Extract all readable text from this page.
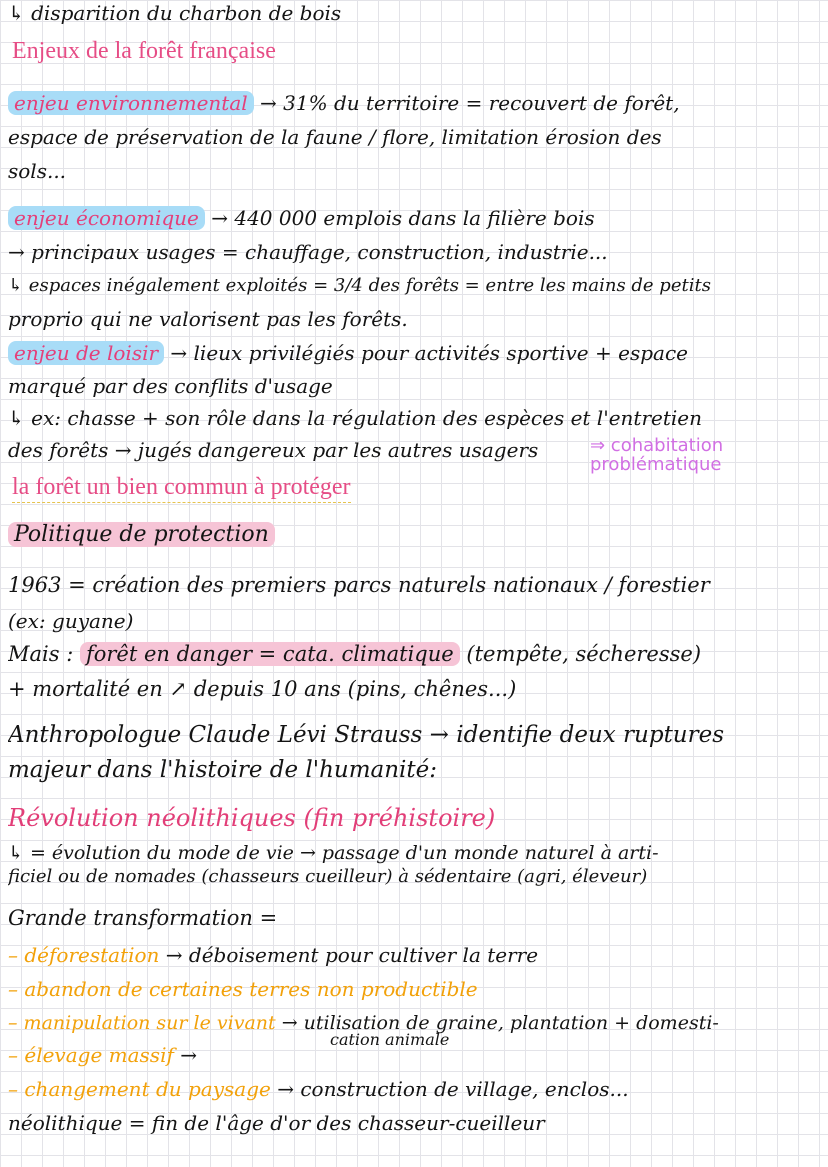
↳ disparition du charbon de bois
Enjeux de la forêt française
enjeu environnemental → 31% du territoire = recouvert de forêt,
espace de préservation de la faune / flore, limitation érosion des
sols...
enjeu économique → 440 000 emplois dans la filière bois
→ principaux usages = chauffage, construction, industrie...
↳ espaces inégalement exploités = 3/4 des forêts = entre les mains de petits
proprio qui ne valorisent pas les forêts.
enjeu de loisir → lieux privilégiés pour activités sportive + espace
marqué par des conflits d'usage
↳ ex: chasse + son rôle dans la régulation des espèces et l'entretien
des forêts → jugés dangereux par les autres usagers	⇒ cohabitation
problématique
la forêt un bien commun à protéger
Politique de protection
1963 = création des premiers parcs naturels nationaux / forestier
(ex: guyane)
Mais : forêt en danger = cata. climatique (tempête, sécheresse)
+ mortalité en ↗ depuis 10 ans (pins, chênes...)
Anthropologue Claude Lévi Strauss → identifie deux ruptures
majeur dans l'histoire de l'humanité:
Révolution néolithiques (fin préhistoire)
↳ = évolution du mode de vie → passage d'un monde naturel à arti-
ficiel ou de nomades (chasseurs cueilleur) à sédentaire (agri, éleveur)
Grande transformation =
– déforestation → déboisement pour cultiver la terre
– abandon de certaines terres non productible
– manipulation sur le vivant → utilisation de graine, plantation + domesti-
cation animale
– élevage massif →
– changement du paysage → construction de village, enclos...
néolithique = fin de l'âge d'or des chasseur-cueilleur
